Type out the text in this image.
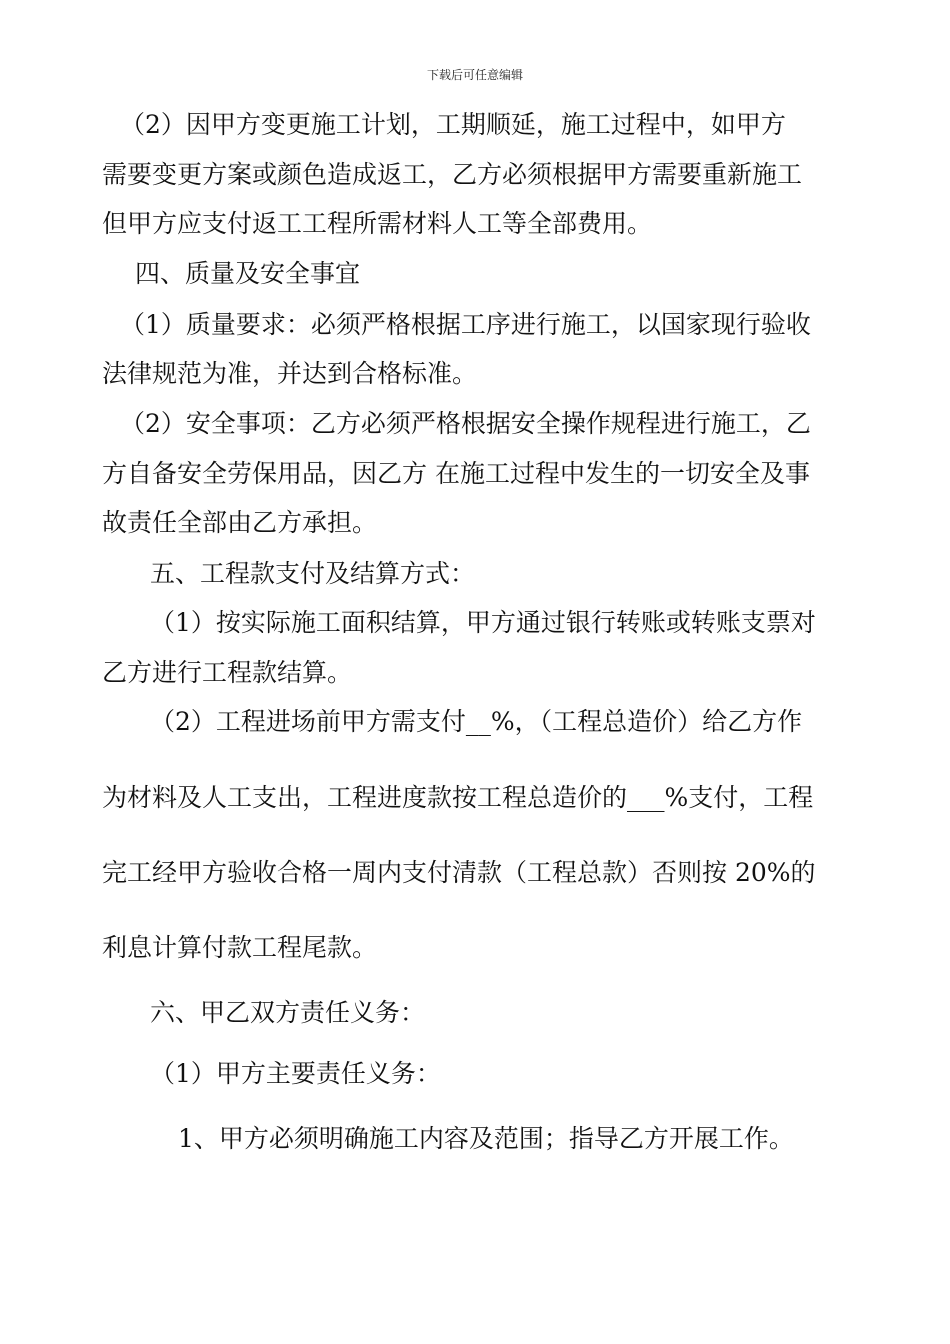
下载后可任意编辑
（2）因甲方变更施工计划，工期顺延，施工过程中，如甲方
需要变更方案或颜色造成返工，乙方必须根据甲方需要重新施工
但甲方应支付返工工程所需材料人工等全部费用。
四、质量及安全事宜
（1）质量要求：必须严格根据工序进行施工，以国家现行验收
法律规范为准，并达到合格标准。
（2）安全事项：乙方必须严格根据安全操作规程进行施工，乙
方自备安全劳保用品，因乙方 在施工过程中发生的一切安全及事
故责任全部由乙方承担。
五、工程款支付及结算方式：
（1）按实际施工面积结算，甲方通过银行转账或转账支票对
乙方进行工程款结算。
（2）工程进场前甲方需支付__%，（工程总造价）给乙方作
为材料及人工支出，工程进度款按工程总造价的___%支付，工程
完工经甲方验收合格一周内支付清款（工程总款）否则按 20%的
利息计算付款工程尾款。
六、甲乙双方责任义务：
（1）甲方主要责任义务：
1、甲方必须明确施工内容及范围；指导乙方开展工作。
